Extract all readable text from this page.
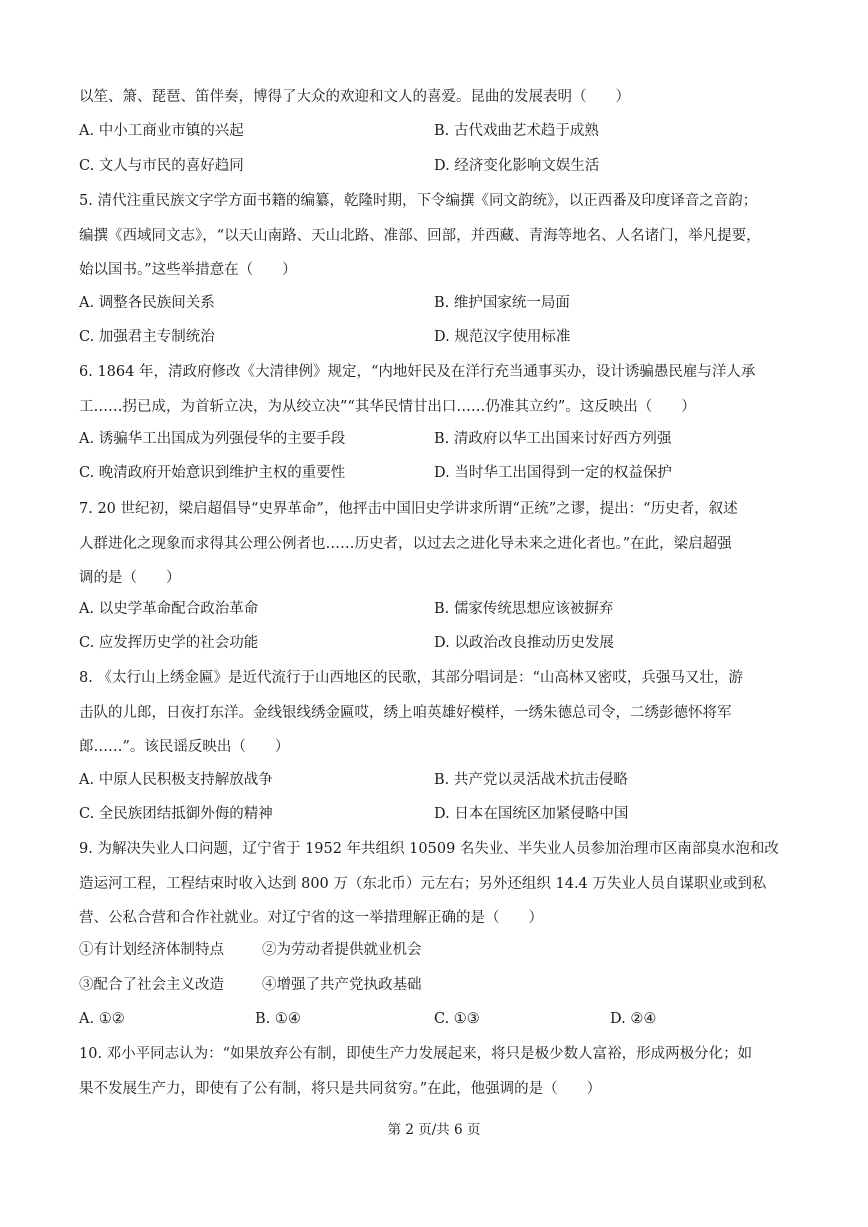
以笙、箫、琵琶、笛伴奏，博得了大众的欢迎和文人的喜爱。昆曲的发展表明（　　）

A. 中小工商业市镇的兴起	B. 古代戏曲艺术趋于成熟

C. 文人与市民的喜好趋同	D. 经济变化影响文娱生活

5. 清代注重民族文字学方面书籍的编纂，乾隆时期，下令编撰《同文韵统》，以正西番及印度译音之音韵；
编撰《西域同文志》，“以天山南路、天山北路、准部、回部，并西藏、青海等地名、人名诸门，举凡提要，
始以国书。”这些举措意在（　　）

A. 调整各民族间关系	B. 维护国家统一局面

C. 加强君主专制统治	D. 规范汉字使用标准

6. 1864 年，清政府修改《大清律例》规定，“内地奸民及在洋行充当通事买办，设计诱骗愚民雇与洋人承
工……拐已成，为首斩立决，为从绞立决”“其华民情甘出口……仍准其立约”。这反映出（　　）

A. 诱骗华工出国成为列强侵华的主要手段	B. 清政府以华工出国来讨好西方列强

C. 晚清政府开始意识到维护主权的重要性	D. 当时华工出国得到一定的权益保护

7. 20 世纪初，梁启超倡导“史界革命”，他抨击中国旧史学讲求所谓“正统”之谬，提出：“历史者，叙述
人群进化之现象而求得其公理公例者也……历史者，以过去之进化导未来之进化者也。”在此，梁启超强
调的是（　　）

A. 以史学革命配合政治革命	B. 儒家传统思想应该被摒弃

C. 应发挥历史学的社会功能	D. 以政治改良推动历史发展

8. 《太行山上绣金匾》是近代流行于山西地区的民歌，其部分唱词是：“山高林又密哎，兵强马又壮，游
击队的儿郎，日夜打东洋。金线银线绣金匾哎，绣上咱英雄好模样，一绣朱德总司令，二绣彭德怀将军
郎……”。该民谣反映出（　　）

A. 中原人民积极支持解放战争	B. 共产党以灵活战术抗击侵略

C. 全民族团结抵御外侮的精神	D. 日本在国统区加紧侵略中国

9. 为解决失业人口问题，辽宁省于 1952 年共组织 10509 名失业、半失业人员参加治理市区南部臭水泡和改
造运河工程，工程结束时收入达到 800 万（东北币）元左右；另外还组织 14.4 万失业人员自谋职业或到私
营、公私合营和合作社就业。对辽宁省的这一举措理解正确的是（　　）

①有计划经济体制特点	②为劳动者提供就业机会

③配合了社会主义改造	④增强了共产党执政基础

A. ①②	B. ①④	C. ①③	D. ②④

10. 邓小平同志认为：“如果放弃公有制，即使生产力发展起来，将只是极少数人富裕，形成两极分化；如
果不发展生产力，即使有了公有制，将只是共同贫穷。”在此，他强调的是（　　）

第 2 页/共 6 页
